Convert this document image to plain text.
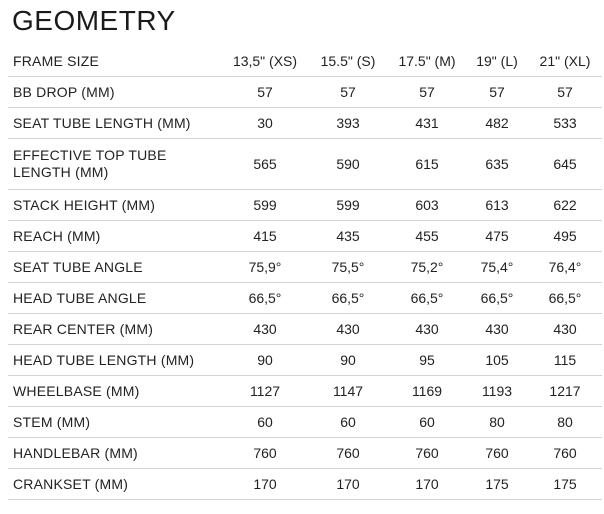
GEOMETRY
FRAME SIZE	13,5" (XS)	15.5" (S)	17.5" (M)	19" (L)	21" (XL)
BB DROP (MM)	57	57	57	57	57
SEAT TUBE LENGTH (MM)	30	393	431	482	533
EFFECTIVE TOP TUBE LENGTH (MM)	565	590	615	635	645
STACK HEIGHT (MM)	599	599	603	613	622
REACH (MM)	415	435	455	475	495
SEAT TUBE ANGLE	75,9°	75,5°	75,2°	75,4°	76,4°
HEAD TUBE ANGLE	66,5°	66,5°	66,5°	66,5°	66,5°
REAR CENTER (MM)	430	430	430	430	430
HEAD TUBE LENGTH (MM)	90	90	95	105	115
WHEELBASE (MM)	1127	1147	1169	1193	1217
STEM (MM)	60	60	60	80	80
HANDLEBAR (MM)	760	760	760	760	760
CRANKSET (MM)	170	170	170	175	175
